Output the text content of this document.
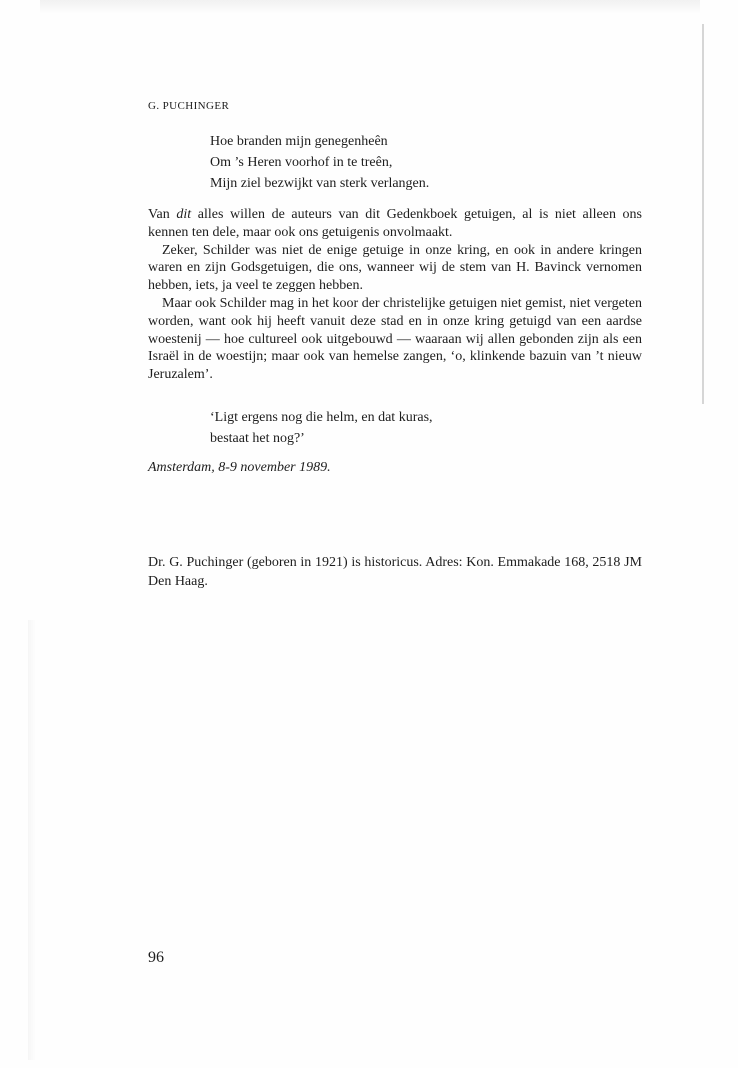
G. PUCHINGER

Hoe branden mijn genegenheên
Om ’s Heren voorhof in te treên,
Mijn ziel bezwijkt van sterk verlangen.

Van dit alles willen de auteurs van dit Gedenkboek getuigen, al is niet alleen ons kennen ten dele, maar ook ons getuigenis onvolmaakt.

Zeker, Schilder was niet de enige getuige in onze kring, en ook in andere kringen waren en zijn Godsgetuigen, die ons, wanneer wij de stem van H. Bavinck vernomen hebben, iets, ja veel te zeggen hebben.

Maar ook Schilder mag in het koor der christelijke getuigen niet gemist, niet vergeten worden, want ook hij heeft vanuit deze stad en in onze kring getuigd van een aardse woestenij — hoe cultureel ook uitgebouwd — waaraan wij allen gebonden zijn als een Israël in de woestijn; maar ook van hemelse zangen, ‘o, klinkende bazuin van ’t nieuw Jeruzalem’.

‘Ligt ergens nog die helm, en dat kuras,
bestaat het nog?’

Amsterdam, 8-9 november 1989.

Dr. G. Puchinger (geboren in 1921) is historicus. Adres: Kon. Emmakade 168, 2518 JM Den Haag.

96
